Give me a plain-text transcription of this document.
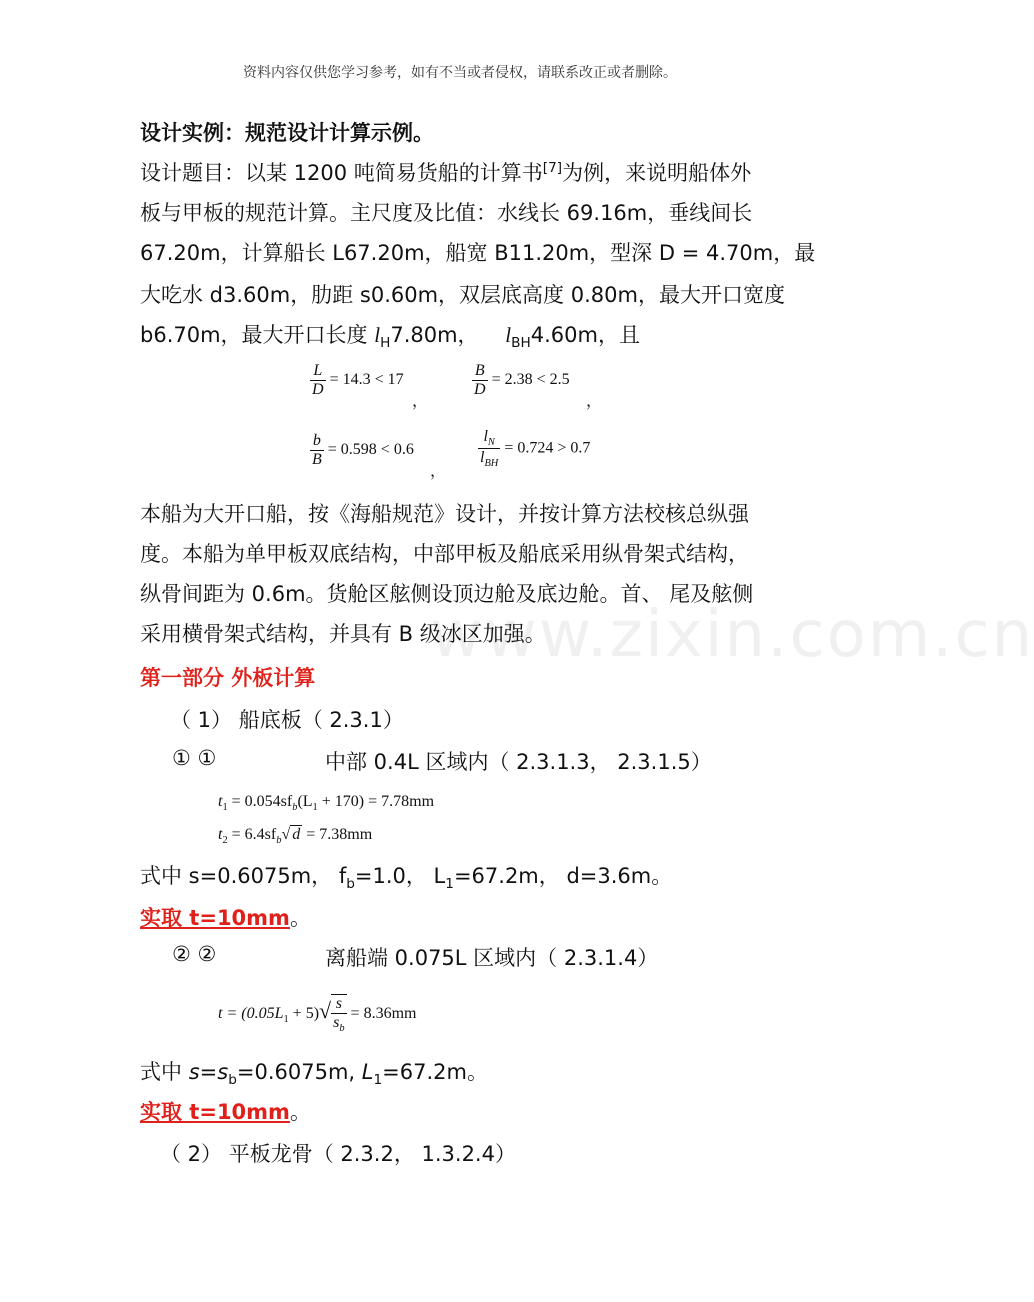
资料内容仅供您学习参考，如有不当或者侵权，请联系改正或者删除。
www.zixin.com.cn
设计实例：规范设计计算示例。
设计题目：以某 1200 吨简易货船的计算书[7]为例，来说明船体外
板与甲板的规范计算。主尺度及比值：水线长 69.16m，垂线间长
67.20m，计算船长 L67.20m，船宽 B11.20m，型深 D = 4.70m，最
大吃水 d3.60m，肋距 s0.60m，双层底高度 0.80m，最大开口宽度
b6.70m，最大开口长度 $l_H7.80m$， $l_{BH}4.60m$，且
$\frac{L}{D} = 14.3 < 17$
，
$\frac{B}{D} = 2.38 < 2.5$
，
$\frac{b}{B} = 0.598 < 0.6$
，
$\frac{l_N}{l_{BH}} = 0.724 > 0.7$
本船为大开口船，按《海船规范》设计，并按计算方法校核总纵强
度。本船为单甲板双底结构，中部甲板及船底采用纵骨架式结构，
纵骨间距为 0.6m。货舱区舷侧设顶边舱及底边舱。首、 尾及舷侧
采用横骨架式结构，并具有 B 级冰区加强。
第一部分 外板计算
（ 1） 船底板（ 2.3.1）
① ①	中部 0.4L 区域内（ 2.3.1.3， 2.3.1.5）
$t_1 = 0.054sf_b(L_1 + 170) = 7.78mm$
$t_2 = 6.4sf_b√$ d = 7.38mm
式中 s=0.6075m， $f_b=1.0$， $L_1=67.2m$， d=3.6m。
实取 t=10mm。
② ②	离船端 0.075L 区域内（ 2.3.1.4）
$t = (0.05L_1 + 5)√ \frac{s}{s_b} = 8.36mm$
式中 $s=s_b=0.6075m$, $L_1=67.2m$。
实取 t=10mm。
（ 2） 平板龙骨（ 2.3.2， 1.3.2.4）
